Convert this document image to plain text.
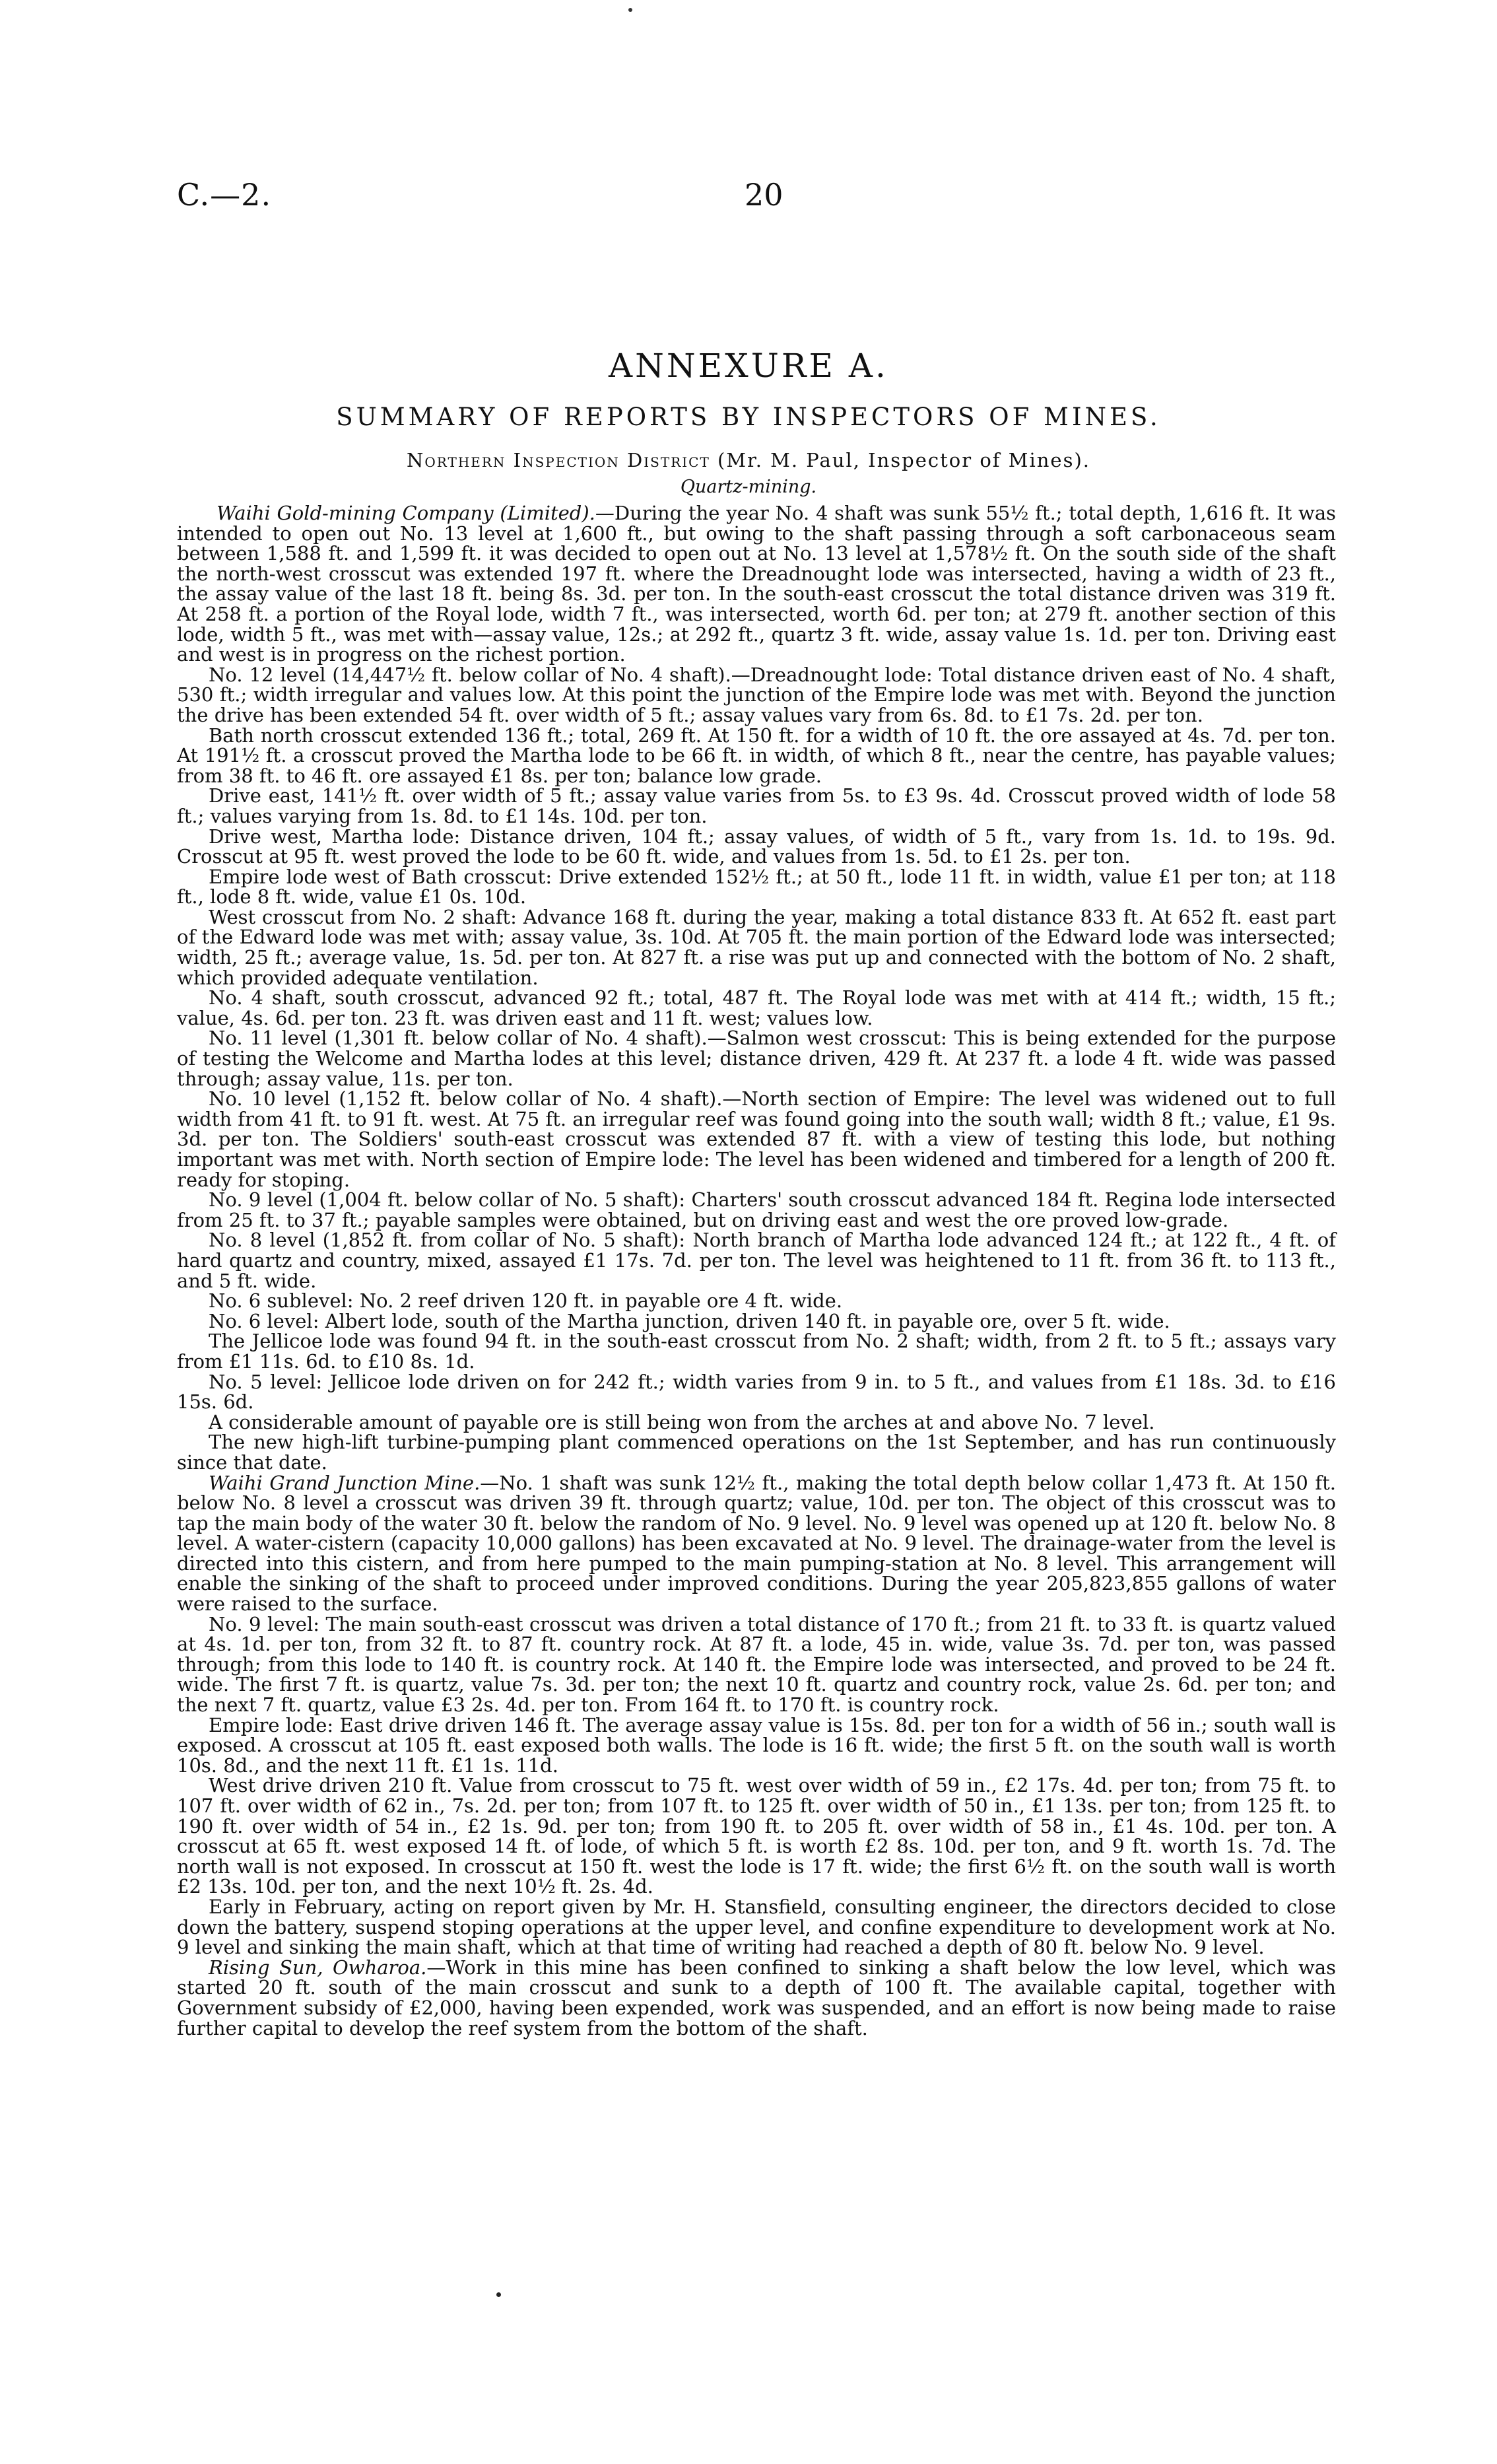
C.—2.	20
ANNEXURE A.
SUMMARY OF REPORTS BY INSPECTORS OF MINES.
Northern Inspection District (Mr. M. Paul, Inspector of Mines).
Quartz-mining.

Waihi Gold-mining Company (Limited).—During the year No. 4 shaft was sunk 55½ ft.; total depth, 1,616 ft. It was intended to open out No. 13 level at 1,600 ft., but owing to the shaft passing through a soft carbonaceous seam between 1,588 ft. and 1,599 ft. it was decided to open out at No. 13 level at 1,578½ ft. On the south side of the shaft the north-west crosscut was extended 197 ft. where the Dreadnought lode was intersected, having a width of 23 ft., the assay value of the last 18 ft. being 8s. 3d. per ton. In the south-east crosscut the total distance driven was 319 ft. At 258 ft. a portion of the Royal lode, width 7 ft., was intersected, worth 6d. per ton; at 279 ft. another section of this lode, width 5 ft., was met with—assay value, 12s.; at 292 ft., quartz 3 ft. wide, assay value 1s. 1d. per ton. Driving east and west is in progress on the richest portion.

No. 12 level (14,447½ ft. below collar of No. 4 shaft).—Dreadnought lode: Total distance driven east of No. 4 shaft, 530 ft.; width irregular and values low. At this point the junction of the Empire lode was met with. Beyond the junction the drive has been extended 54 ft. over width of 5 ft.; assay values vary from 6s. 8d. to £1 7s. 2d. per ton.

Bath north crosscut extended 136 ft.; total, 269 ft. At 150 ft. for a width of 10 ft. the ore assayed at 4s. 7d. per ton. At 191½ ft. a crosscut proved the Martha lode to be 66 ft. in width, of which 8 ft., near the centre, has payable values; from 38 ft. to 46 ft. ore assayed £1 8s. per ton; balance low grade.

Drive east, 141½ ft. over width of 5 ft.; assay value varies from 5s. to £3 9s. 4d. Crosscut proved width of lode 58 ft.; values varying from 1s. 8d. to £1 14s. 10d. per ton.

Drive west, Martha lode: Distance driven, 104 ft.; assay values, of width of 5 ft., vary from 1s. 1d. to 19s. 9d. Crosscut at 95 ft. west proved the lode to be 60 ft. wide, and values from 1s. 5d. to £1 2s. per ton.

Empire lode west of Bath crosscut: Drive extended 152½ ft.; at 50 ft., lode 11 ft. in width, value £1 per ton; at 118 ft., lode 8 ft. wide, value £1 0s. 10d.

West crosscut from No. 2 shaft: Advance 168 ft. during the year, making a total distance 833 ft. At 652 ft. east part of the Edward lode was met with; assay value, 3s. 10d. At 705 ft. the main portion of the Edward lode was intersected; width, 25 ft.; average value, 1s. 5d. per ton. At 827 ft. a rise was put up and connected with the bottom of No. 2 shaft, which provided adequate ventilation.

No. 4 shaft, south crosscut, advanced 92 ft.; total, 487 ft. The Royal lode was met with at 414 ft.; width, 15 ft.; value, 4s. 6d. per ton. 23 ft. was driven east and 11 ft. west; values low.

No. 11 level (1,301 ft. below collar of No. 4 shaft).—Salmon west crosscut: This is being extended for the purpose of testing the Welcome and Martha lodes at this level; distance driven, 429 ft. At 237 ft. a lode 4 ft. wide was passed through; assay value, 11s. per ton.

No. 10 level (1,152 ft. below collar of No. 4 shaft).—North section of Empire: The level was widened out to full width from 41 ft. to 91 ft. west. At 75 ft. an irregular reef was found going into the south wall; width 8 ft.; value, £1 9s. 3d. per ton. The Soldiers' south-east crosscut was extended 87 ft. with a view of testing this lode, but nothing important was met with. North section of Empire lode: The level has been widened and timbered for a length of 200 ft. ready for stoping.

No. 9 level (1,004 ft. below collar of No. 5 shaft): Charters' south crosscut advanced 184 ft. Regina lode intersected from 25 ft. to 37 ft.; payable samples were obtained, but on driving east and west the ore proved low-grade.

No. 8 level (1,852 ft. from collar of No. 5 shaft): North branch of Martha lode advanced 124 ft.; at 122 ft., 4 ft. of hard quartz and country, mixed, assayed £1 17s. 7d. per ton. The level was heightened to 11 ft. from 36 ft. to 113 ft., and 5 ft. wide.

No. 6 sublevel: No. 2 reef driven 120 ft. in payable ore 4 ft. wide.

No. 6 level: Albert lode, south of the Martha junction, driven 140 ft. in payable ore, over 5 ft. wide.

The Jellicoe lode was found 94 ft. in the south-east crosscut from No. 2 shaft; width, from 2 ft. to 5 ft.; assays vary from £1 11s. 6d. to £10 8s. 1d.

No. 5 level: Jellicoe lode driven on for 242 ft.; width varies from 9 in. to 5 ft., and values from £1 18s. 3d. to £16 15s. 6d.

A considerable amount of payable ore is still being won from the arches at and above No. 7 level.

The new high-lift turbine-pumping plant commenced operations on the 1st September, and has run continuously since that date.

Waihi Grand Junction Mine.—No. 1 shaft was sunk 12½ ft., making the total depth below collar 1,473 ft. At 150 ft. below No. 8 level a crosscut was driven 39 ft. through quartz; value, 10d. per ton. The object of this crosscut was to tap the main body of the water 30 ft. below the random of No. 9 level. No. 9 level was opened up at 120 ft. below No. 8 level. A water-cistern (capacity 10,000 gallons) has been excavated at No. 9 level. The drainage-water from the level is directed into this cistern, and from here pumped to the main pumping-station at No. 8 level. This arrangement will enable the sinking of the shaft to proceed under improved conditions. During the year 205,823,855 gallons of water were raised to the surface.

No. 9 level: The main south-east crosscut was driven a total distance of 170 ft.; from 21 ft. to 33 ft. is quartz valued at 4s. 1d. per ton, from 32 ft. to 87 ft. country rock. At 87 ft. a lode, 45 in. wide, value 3s. 7d. per ton, was passed through; from this lode to 140 ft. is country rock. At 140 ft. the Empire lode was intersected, and proved to be 24 ft. wide. The first 7 ft. is quartz, value 7s. 3d. per ton; the next 10 ft. quartz and country rock, value 2s. 6d. per ton; and the next 7 ft. quartz, value £3 2s. 4d. per ton. From 164 ft. to 170 ft. is country rock.

Empire lode: East drive driven 146 ft. The average assay value is 15s. 8d. per ton for a width of 56 in.; south wall is exposed. A crosscut at 105 ft. east exposed both walls. The lode is 16 ft. wide; the first 5 ft. on the south wall is worth 10s. 8d., and the next 11 ft. £1 1s. 11d.

West drive driven 210 ft. Value from crosscut to 75 ft. west over width of 59 in., £2 17s. 4d. per ton; from 75 ft. to 107 ft. over width of 62 in., 7s. 2d. per ton; from 107 ft. to 125 ft. over width of 50 in., £1 13s. per ton; from 125 ft. to 190 ft. over width of 54 in., £2 1s. 9d. per ton; from 190 ft. to 205 ft. over width of 58 in., £1 4s. 10d. per ton. A crosscut at 65 ft. west exposed 14 ft. of lode, of which 5 ft. is worth £2 8s. 10d. per ton, and 9 ft. worth 1s. 7d. The north wall is not exposed. In crosscut at 150 ft. west the lode is 17 ft. wide; the first 6½ ft. on the south wall is worth £2 13s. 10d. per ton, and the next 10½ ft. 2s. 4d.

Early in February, acting on report given by Mr. H. Stansfield, consulting engineer, the directors decided to close down the battery, suspend stoping operations at the upper level, and confine expenditure to development work at No. 9 level and sinking the main shaft, which at that time of writing had reached a depth of 80 ft. below No. 9 level.

Rising Sun, Owharoa.—Work in this mine has been confined to sinking a shaft below the low level, which was started 20 ft. south of the main crosscut and sunk to a depth of 100 ft. The available capital, together with Government subsidy of £2,000, having been expended, work was suspended, and an effort is now being made to raise further capital to develop the reef system from the bottom of the shaft.
